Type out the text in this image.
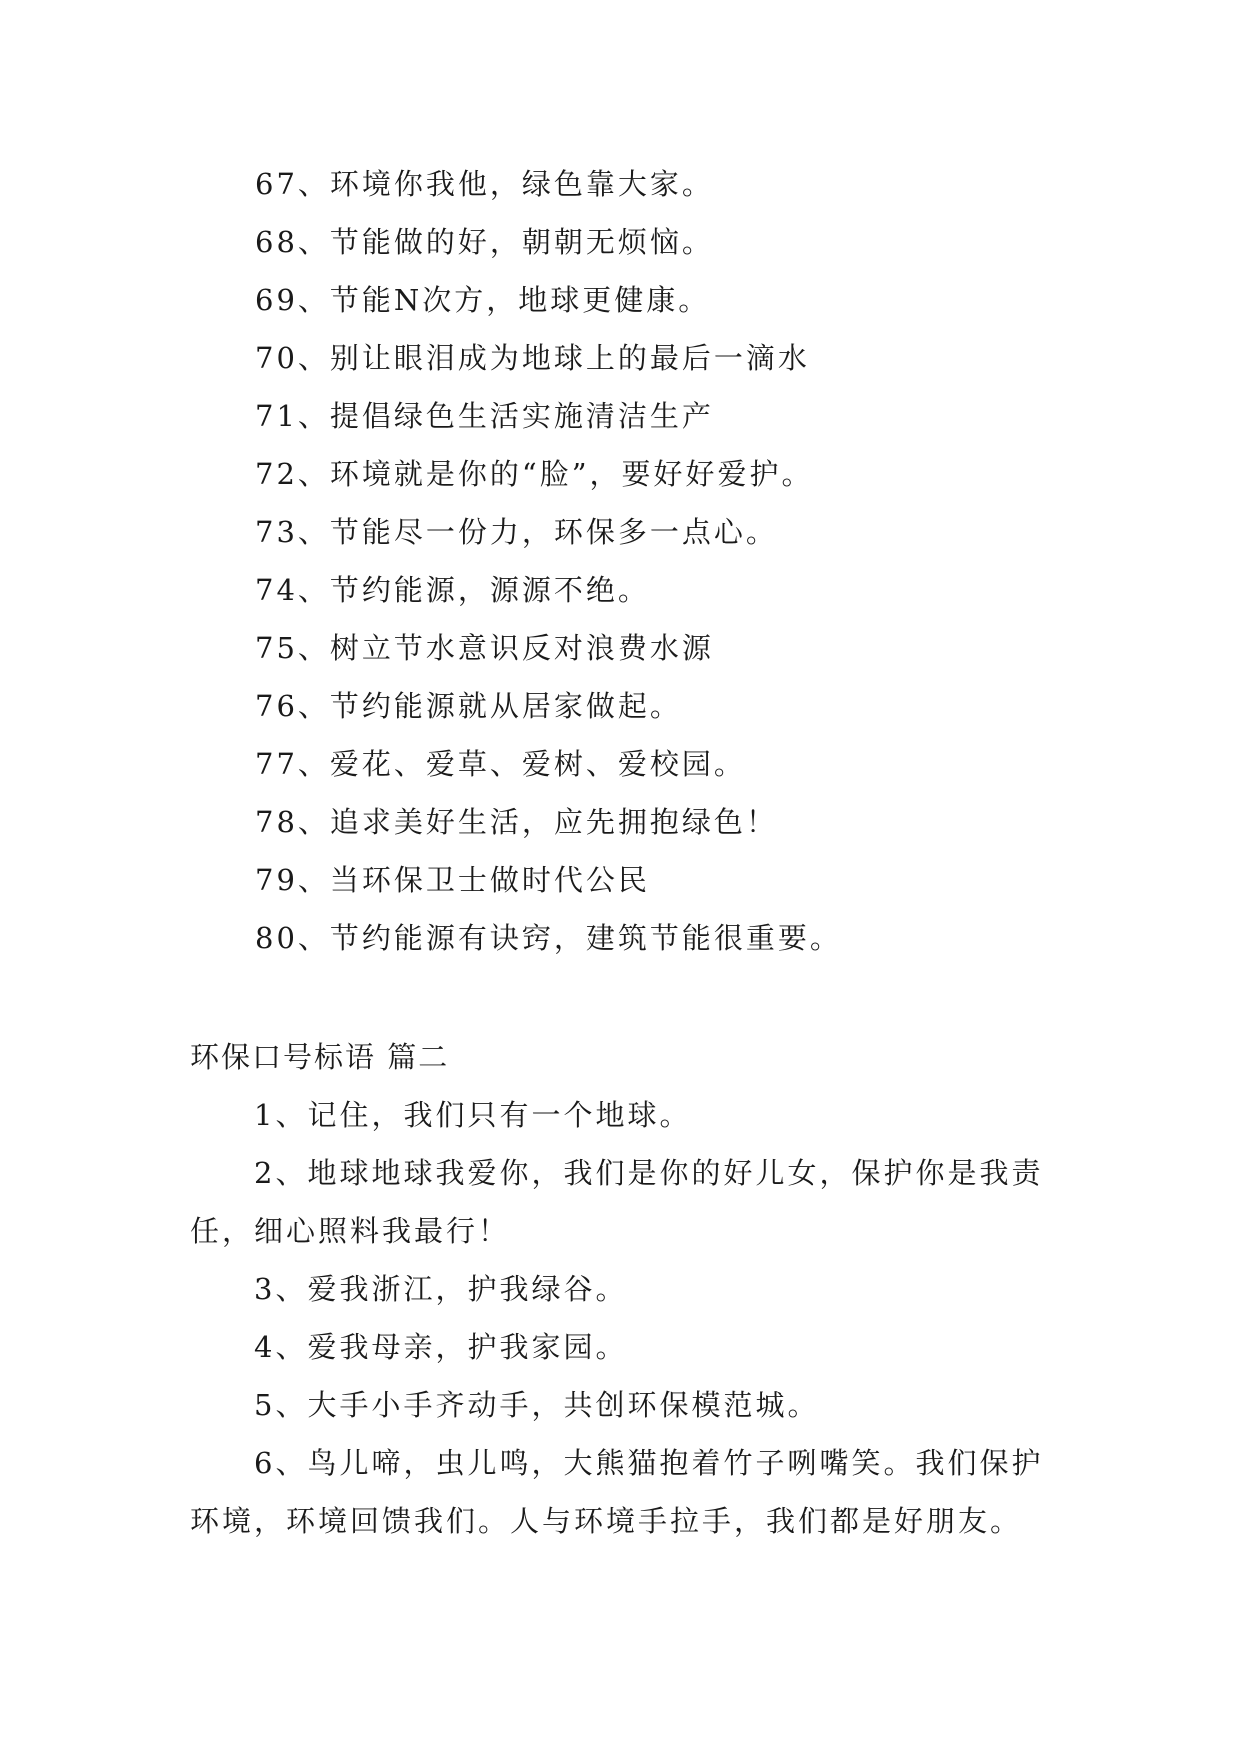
67、环境你我他，绿色靠大家。
68、节能做的好，朝朝无烦恼。
69、节能N次方，地球更健康。
70、别让眼泪成为地球上的最后一滴水
71、提倡绿色生活实施清洁生产
72、环境就是你的“脸”，要好好爱护。
73、节能尽一份力，环保多一点心。
74、节约能源，源源不绝。
75、树立节水意识反对浪费水源
76、节约能源就从居家做起。
77、爱花、爱草、爱树、爱校园。
78、追求美好生活，应先拥抱绿色！
79、当环保卫士做时代公民
80、节约能源有诀窍，建筑节能很重要。
环保口号标语 篇二

1、记住，我们只有一个地球。

2、地球地球我爱你，我们是你的好儿女，保护你是我责任，细心照料我最行！

3、爱我浙江，护我绿谷。

4、爱我母亲，护我家园。

5、大手小手齐动手，共创环保模范城。

6、鸟儿啼，虫儿鸣，大熊猫抱着竹子咧嘴笑。我们保护环境，环境回馈我们。人与环境手拉手，我们都是好朋友。
